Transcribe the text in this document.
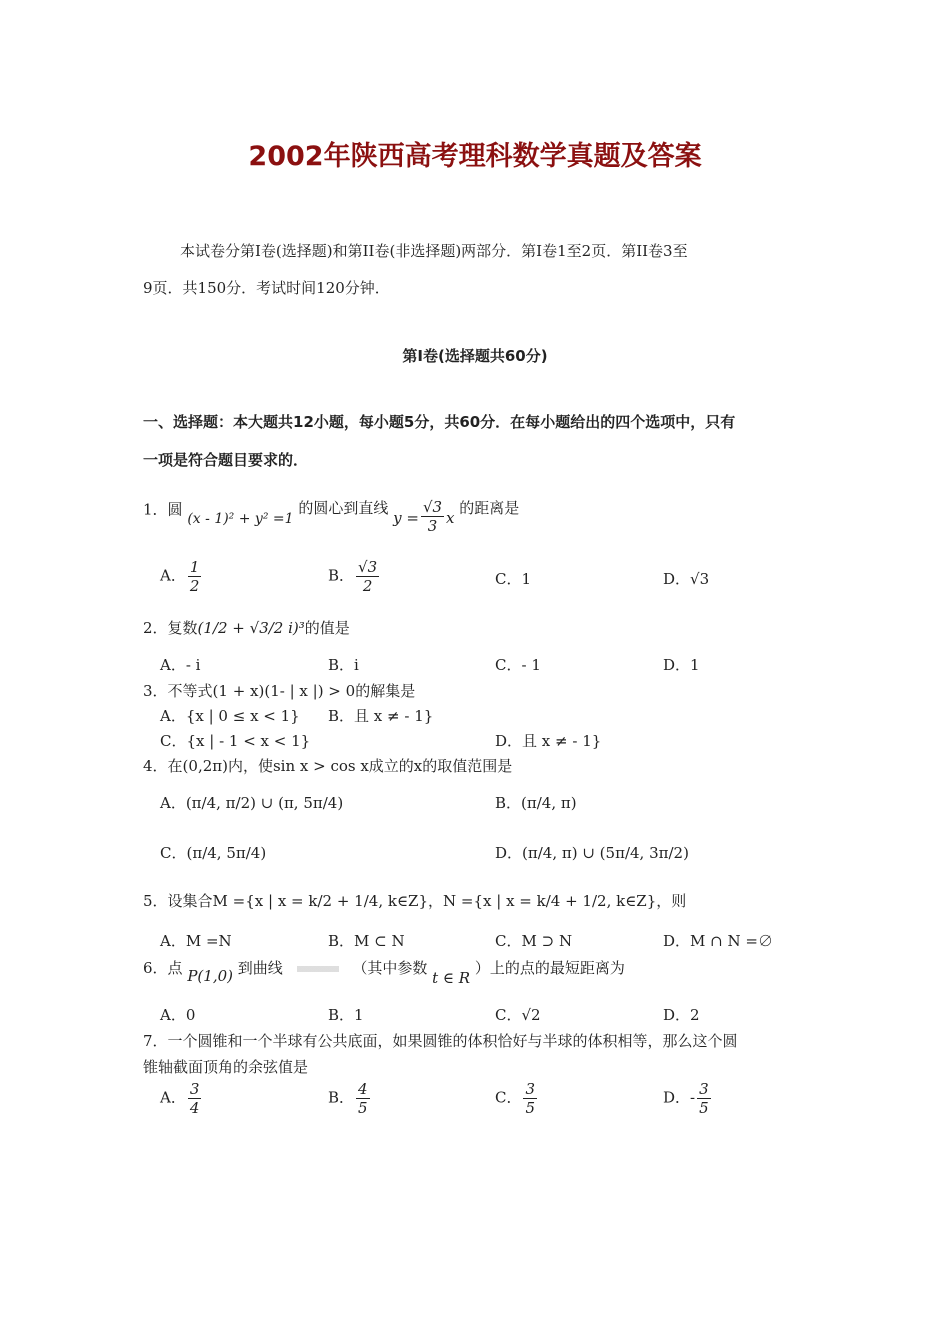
2002年陕西高考理科数学真题及答案
本试卷分第Ⅰ卷(选择题)和第II卷(非选择题)两部分．第Ⅰ卷1至2页．第II卷3至
9页．共150分．考试时间120分钟．
第Ⅰ卷(选择题共60分)
一、选择题：本大题共12小题，每小题5分，共60分．在每小题给出的四个选项中，只有
一项是符合题目要求的．
1．圆 (x - 1)² + y² =1 的圆心到直线 $y = \frac{√3}{3}$ x 的距离是
A． $\frac{1}{2}$	B． $\frac{√3}{2}$	C．1	D．√3
2．复数(1/2 + √3/2 i)³的值是
A．- i	B．i	C．- 1	D．1
3．不等式(1 + x)(1- | x |) > 0的解集是
A．{x | 0 ≤ x < 1} B．且 x ≠ - 1}
C．{x | - 1 < x < 1}	D．且 x ≠ - 1}
4．在(0,2π)内，使sin x > cos x成立的x的取值范围是
A．(π/4, π/2) ∪ (π, 5π/4)	B．(π/4, π)
C．(π/4, 5π/4)	D．(π/4, π) ∪ (5π/4, 3π/2)
5．设集合M ={x | x = k/2 + 1/4, k∈Z}，N ={x | x = k/4 + 1/2, k∈Z}，则
A．M =N	B．M ⊂ N	C．M ⊃ N	D．M ∩ N =∅
6．点 P(1,0) 到曲线	（其中参数 t ∈ R ）上的点的最短距离为
A．0	B．1	C．√2	D．2
7．一个圆锥和一个半球有公共底面，如果圆锥的体积恰好与半球的体积相等，那么这个圆
锥轴截面顶角的余弦值是
A． $\frac{3}{4}$	B． $\frac{4}{5}$	C． $\frac{3}{5}$	D．- $\frac{3}{5}$
